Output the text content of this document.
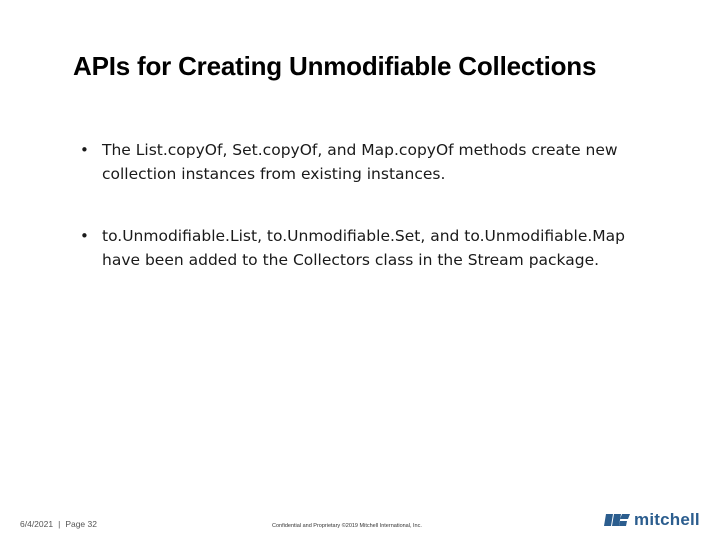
APIs for Creating Unmodifiable Collections
• The List.copyOf, Set.copyOf, and Map.copyOf methods create new collection instances from existing instances.
• to.Unmodifiable.List, to.Unmodifiable.Set, and to.Unmodifiable.Map have been added to the Collectors class in the Stream package.
6/4/2021 | Page 32	Confidential and Proprietary ©2019 Mitchell International, Inc.	mitchell
